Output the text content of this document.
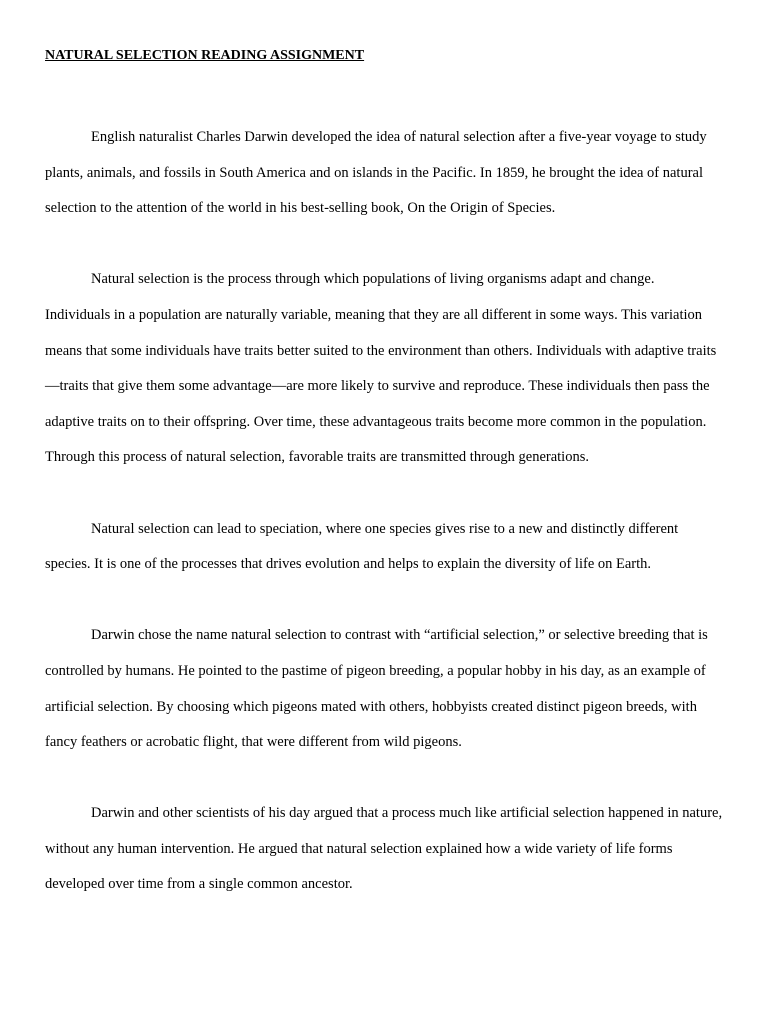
NATURAL SELECTION READING ASSIGNMENT

English naturalist Charles Darwin developed the idea of natural selection after a five-year voyage to study plants, animals, and fossils in South America and on islands in the Pacific. In 1859, he brought the idea of natural selection to the attention of the world in his best-selling book, On the Origin of Species.

Natural selection is the process through which populations of living organisms adapt and change. Individuals in a population are naturally variable, meaning that they are all different in some ways. This variation means that some individuals have traits better suited to the environment than others. Individuals with adaptive traits—traits that give them some advantage—are more likely to survive and reproduce. These individuals then pass the adaptive traits on to their offspring. Over time, these advantageous traits become more common in the population. Through this process of natural selection, favorable traits are transmitted through generations.

Natural selection can lead to speciation, where one species gives rise to a new and distinctly different species. It is one of the processes that drives evolution and helps to explain the diversity of life on Earth.

Darwin chose the name natural selection to contrast with “artificial selection,” or selective breeding that is controlled by humans. He pointed to the pastime of pigeon breeding, a popular hobby in his day, as an example of artificial selection. By choosing which pigeons mated with others, hobbyists created distinct pigeon breeds, with fancy feathers or acrobatic flight, that were different from wild pigeons.

Darwin and other scientists of his day argued that a process much like artificial selection happened in nature, without any human intervention. He argued that natural selection explained how a wide variety of life forms developed over time from a single common ancestor.
